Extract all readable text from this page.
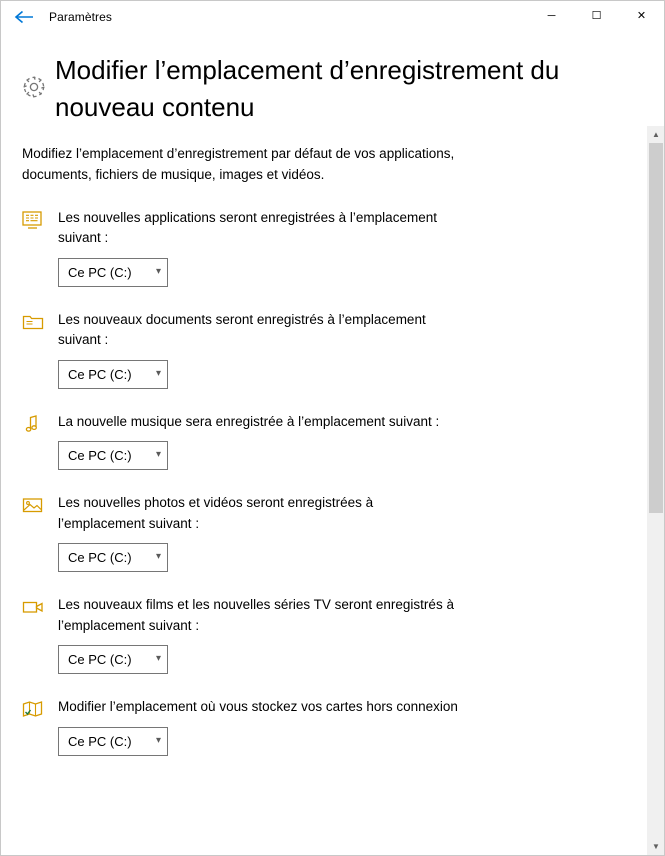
Paramètres	─	☐	✕
Modifier l’emplacement d’enregistrement du nouveau contenu
Modifiez l’emplacement d’enregistrement par défaut de vos applications, documents, fichiers de musique, images et vidéos.
Les nouvelles applications seront enregistrées à l’emplacement suivant :
Ce PC (C:) ▾
Les nouveaux documents seront enregistrés à l’emplacement suivant :
Ce PC (C:) ▾
La nouvelle musique sera enregistrée à l’emplacement suivant :
Ce PC (C:) ▾
Les nouvelles photos et vidéos seront enregistrées à l’emplacement suivant :
Ce PC (C:) ▾
Les nouveaux films et les nouvelles séries TV seront enregistrés à l’emplacement suivant :
Ce PC (C:) ▾
Modifier l’emplacement où vous stockez vos cartes hors connexion
Ce PC (C:) ▾
▲
▼
